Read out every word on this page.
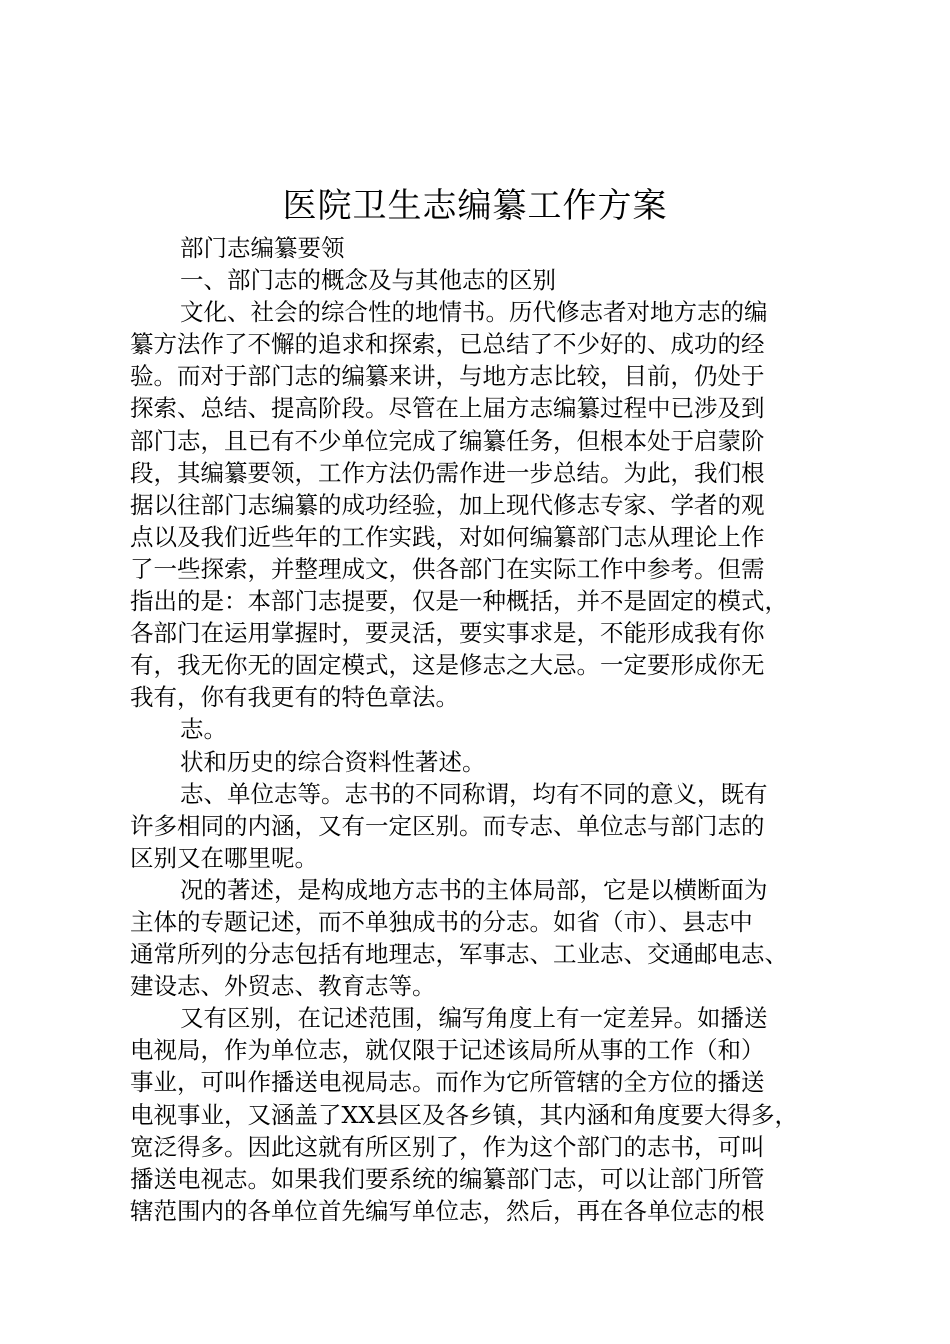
医院卫生志编纂工作方案
部门志编纂要领
一、部门志的概念及与其他志的区别
文化、社会的综合性的地情书。历代修志者对地方志的编
纂方法作了不懈的追求和探索，已总结了不少好的、成功的经
验。而对于部门志的编纂来讲，与地方志比较，目前，仍处于
探索、总结、提高阶段。尽管在上届方志编纂过程中已涉及到
部门志，且已有不少单位完成了编纂任务，但根本处于启蒙阶
段，其编纂要领，工作方法仍需作进一步总结。为此，我们根
据以往部门志编纂的成功经验，加上现代修志专家、学者的观
点以及我们近些年的工作实践，对如何编纂部门志从理论上作
了一些探索，并整理成文，供各部门在实际工作中参考。但需
指出的是：本部门志提要，仅是一种概括，并不是固定的模式，
各部门在运用掌握时，要灵活，要实事求是，不能形成我有你
有，我无你无的固定模式，这是修志之大忌。一定要形成你无
我有，你有我更有的特色章法。
志。
状和历史的综合资料性著述。
志、单位志等。志书的不同称谓，均有不同的意义，既有
许多相同的内涵，又有一定区别。而专志、单位志与部门志的
区别又在哪里呢。
况的著述，是构成地方志书的主体局部，它是以横断面为
主体的专题记述，而不单独成书的分志。如省（市）、县志中
通常所列的分志包括有地理志，军事志、工业志、交通邮电志、
建设志、外贸志、教育志等。
又有区别，在记述范围，编写角度上有一定差异。如播送
电视局，作为单位志，就仅限于记述该局所从事的工作（和）
事业，可叫作播送电视局志。而作为它所管辖的全方位的播送
电视事业，又涵盖了XX县区及各乡镇，其内涵和角度要大得多，
宽泛得多。因此这就有所区别了，作为这个部门的志书，可叫
播送电视志。如果我们要系统的编纂部门志，可以让部门所管
辖范围内的各单位首先编写单位志，然后，再在各单位志的根
